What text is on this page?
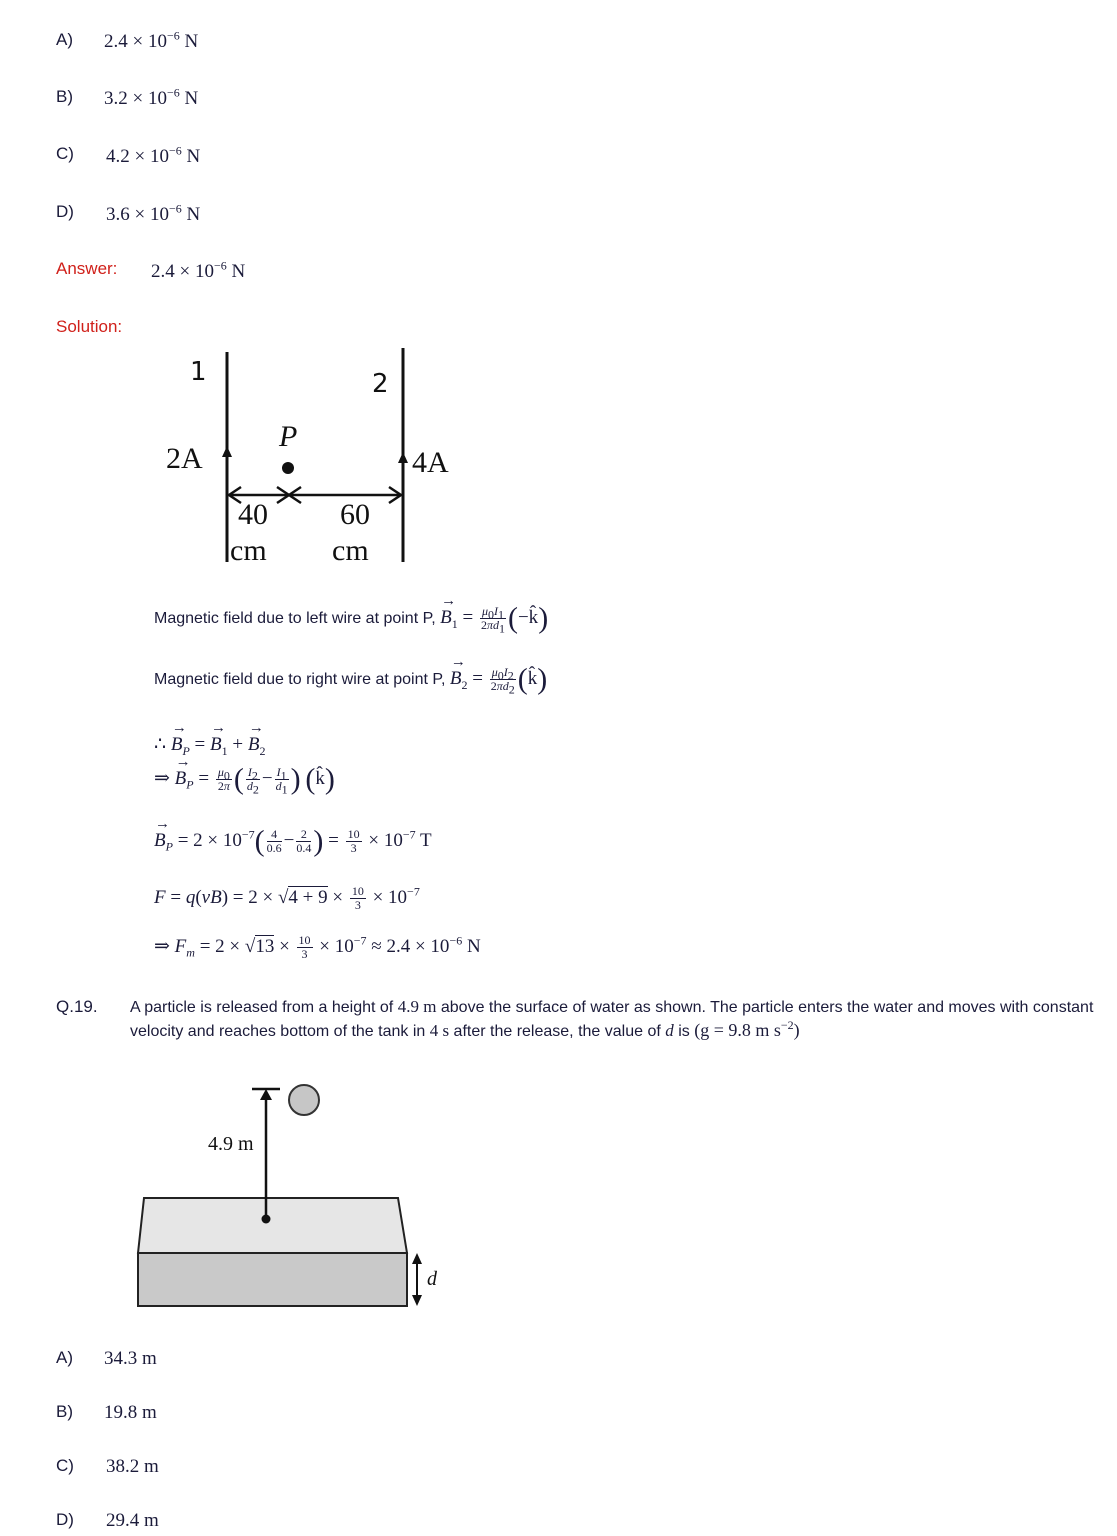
A) $2.4 \times 10^{-6}$ N
B) $3.2 \times 10^{-6}$ N
C) $4.2 \times 10^{-6}$ N
D) $3.6 \times 10^{-6}$ N
Answer: $2.4 \times 10^{-6}$ N
Solution:
1	2
2A	4A
P
40 60
cm cm
Magnetic field due to left wire at point P, → $B_1 = \frac{\mu_0I_1}{2\pi d_1}$ (−k̂)
Magnetic field due to right wire at point P, → $B_2 = \frac{\mu_0I_2}{2\pi d_2}$ (k̂)
∴ → $B_P$ = → $B_1$ + → $B_2$
⇒ → $B_P = \frac{\mu_0}{2\pi}$ ( $\frac{I_2}{d_2} - \frac{I_1}{d_1}$ ) (k̂)
→ $B_P = 2 \times 10^{-7}( \frac{4}{0.6} - \frac{2}{0.4}$ ) = $\frac{10}{3} \times 10^{-7}$ T
$F = q(vB) = 2 \times √4 + 9 \times \frac{10}{3} \times 10^{-7}$
⇒ $F_m = 2 \times √13 \times \frac{10}{3} \times 10^{-7} \approx 2.4 \times 10^{-6}$ N
Q.19. A particle is released from a height of 4.9 m above the surface of water as shown. The particle enters the water and moves with constant velocity and reaches bottom of the tank in 4 s after the release, the value of d is (g = 9.8 m $s^{-2}$)
4.9 m
d
A) 34.3 m
B) 19.8 m
C) 38.2 m
D) 29.4 m
